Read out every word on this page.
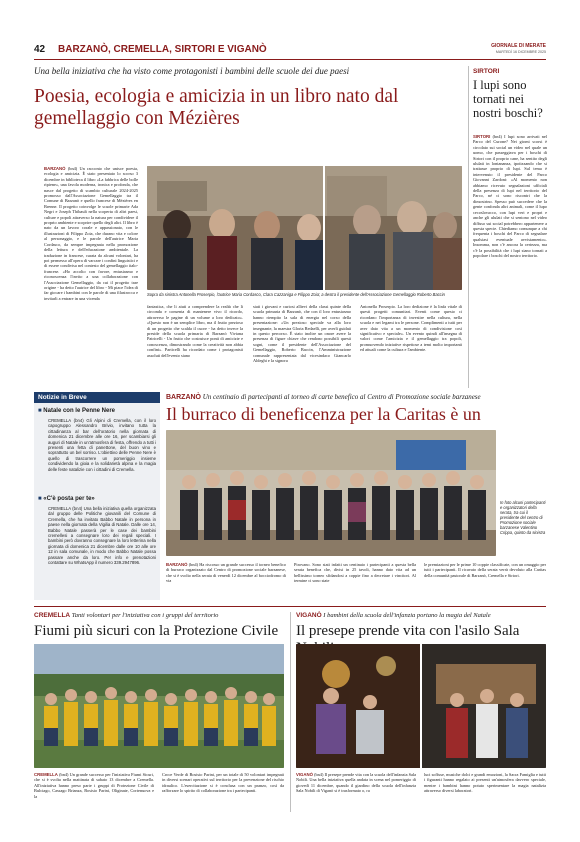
42 BARZANÒ, CREMELLA, SIRTORI E VIGANÒ	GIORNALE DI MERATE
MARTEDÌ 16 DICEMBRE 2025
Una bella iniziativa che ha visto come protagonisti i bambini delle scuole dei due paesi
Poesia, ecologia e amicizia in un libro nato dal gemellaggio con Mézières
BARZANÒ (bn4) Un racconto che unisce poesia, ecologia e amicizia. È stato presentato lo scorso 3 dicembre in biblioteca il libro «La fabbrica delle bolle ripiene», una favola moderna, ironica e profonda, che nasce dal progetto di scambio culturale 2024-2025 promosso dall'Associazione Gemellaggio tra il Comune di Barzanò e quello francese di Mézières en Brenne. Il progetto coinvolge le scuole primarie Ada Negri e Joseph Thibault nella scoperta di altri paesi, culture e popoli attraverso la natura per condividere il proprio ambiente e scoprire quello degli altri. Il libro è nato da un lavoro corale e appassionato, con le illustrazioni di Filippo Zoia, che durano vita e colore al personaggio, e le parole dell'autrice Maria Cordasco, da sempre impegnata nella promozione della lettura e dell'educazione ambientale. La traduzione in francese, curata da alcuni volontari, ha poi permesso all'opera di varcare i confini linguistici e di essere condivisa nel contesto del gemellaggio italo-francese. «Ho accolto con favore, entusiasmo e riconoscenza l'invito a una collaborazione con l'Associazione Gemellaggio, da cui il progetto trae origine - ha detto l'autrice del libro - Mi piace l'idea di far giocare i bambini con le parole di una filastrocca e invitarli a entrare in una vicenda
Sopra da sinistra Antonella Proserpio, l'autrice Maria Cordasco, Clara Cazzaniga e Filippo Zoia; a destra il presidente dell'Associazione Gemellaggio Roberto Baccin
fantastica, che li aiuti a comprendere la realtà che li circonda e consenta di mantenere vivo il ricordo, attraverso le pagine di un volume a loro dedicato». «Questo non è un semplice libro, ma il frutto prezioso di un progetto che scalda il cuore - ha detto invece la preside della scuola primaria di Barzanò Viviana Patricelli - Un frutto che costruisce ponti di amicizie e conoscenza, dimostrando come la creatività non abbia confini». Particelli ha ricordato come i protagonisti assoluti dell'evento siano
stati i giovani e curiosi allievi della classi quinte della scuola primaria di Barzanò, che con il loro entusiasmo hanno riempito la sala di energia nel corso della presentazione: «Un prezioso speciale va alla loro insegnante, la maestra Gloria Redaelli, per averli guidati in questo percorso. È stato inoltre un onore avere la presenza di figure chiave che rendono possibili questi sogni, come il presidente dell'Associazione del Gemellaggio, Roberto Baccin, l'Amministrazione comunale rappresentata dal vicesindaco Giancarlo Aldeghi e la signora
Antonella Proserpio. La loro dedizione è la linfa vitale di questi progetti comunitari. Eventi come questo ci ricordano l'importanza di investire nella cultura, nella scuola e nei legami tra le persone. Complimenti a tutti per aver dato vita a un momento di condivisione così significativo e speciale». Un evento quindi all'insegna di valori come l'amicizia e il gemellaggio tra popoli, promuovendo iniziative rispettose a temi molto importanti ed attuali come la cultura e l'ambiente.
SIRTORI
I lupi sono tornati nei nostri boschi?
SIRTORI (bn4) I lupi sono arrivati nel Parco del Curone? Nei giorni scorsi è circolato sui social un video nel quale un uomo, che passeggiava per i boschi di Sirtori con il proprio cane, ha sentito degli ululati in lontananza, ipotizzando che si trattasse proprio di lupi. Sul tema è intervenuto il presidente del Parco Giovanni Zardoni: «Al momento non abbiamo ricevuto segnalazioni ufficiali della presenza di lupi nel territorio del Parco, né ci sono riscontri che la dimostrino. Spesso può succedere che la gente confonda altri animali, come il lupo cecoslovacco, con lupi veri e propri e anche gli ululati che si sentono nel video diffuso sui social potrebbero appartenere a questa specie. Chiediamo comunque a chi frequenta i boschi del Parco di segnalare qualsiasi eventuale avvistamento». Insomma, non c'è ancora la certezza, ma c'è la possibilità che i lupi siano tornati a popolare i boschi del nostro territorio.
Notizie in Breve
■ Natale con le Penne Nere
CREMELLA (bn4) Gli Alpini di Cremella, con il loro capogruppo Alessandro Brivio, invitano tutta la cittadinanza al bar dell'oratorio nella giornata di domenica 21 dicembre alle ore 16, per scambiarsi gli auguri di Natale in un'atmosfera di festa, offrendo a tutti i presenti una fetta di panettone, del buon vino e soprattutto un bel sorriso. L'obiettivo delle Penne Nere è quello di trascorrere un pomeriggio insieme condividendo la gioia e la solidarietà alpina e la magia delle feste natalizie con i cittadini di Cremella.
■ «C'è posta per te»
CREMELLA (bn4) Una bella iniziativa quella organizzata dal gruppo delle Politiche giovanili del Comune di Cremella, che ha invitato Babbo Natale in persona in paese nella giornata della Vigilia di Natale. Dalle ore 14, Babbo Natale passerà per le case dei bambini cremellesi a consegnare loro dei regali speciali. I bambini però dovranno consegnare la loro letterina nella giornata di domenica 21 dicembre dalle ore 10 alle ore 12 in sala comunale, in modo che Babbo Natale possa passare anche da loro. Per info e prenotazioni contattare su WhatsApp il numero 339.2947896.
BARZANÒ Un centinaio di partecipanti al torneo di carte benefico al Centro di Promozione sociale barzanese
Il burraco di beneficenza per la Caritas è un
In foto alcuni partecipanti e organizzatori della serata, tra cui il presidente del centro di Promozione sociale barzanese Valentino Crippa, quinto da sinistra
BARZANÒ (bn4) Ha riscosso un grande successo il torneo benefico di burraco organizzato dal Centro di promozione sociale barzanese, che si è svolto nella serata di venerdì 12 dicembre al bocciodromo di via
Pirovano. Sono stati infatti un centinaio i partecipanti a questa bella serata benefica che, divisi in 25 tavoli, hanno dato vita ad un bellissimo torneo sfidandosi a coppie fino a decretare i vincitori. Al termine ci sono state
le premiazioni per le prime 10 coppie classificate, con un omaggio per tutti i partecipanti. Il ricavato della serata verrà devoluto alla Caritas della comunità pastorale di Barzanò, Cremella e Sirtori.
CREMELLA Tanti volontari per l'iniziativa con i gruppi del territorio
Fiumi più sicuri con la Protezione Civile
CREMELLA (bn4) Un grande successo per l'iniziativa Fiumi Sicuri, che si è svolta nella mattinata di sabato 13 dicembre a Cremella. All'iniziativa hanno preso parte i gruppi di Protezione Civile di Bulciago, Cassago Brianza, Bosisio Parini, Oliginate, Cortenuova e la
Croce Verde di Bosisio Parini, per un totale di 50 volontari impegnati in diversi scenari operativi sul territorio per la prevenzione del rischio idraulico. L'esercitazione si è conclusa con un pranzo, così da rafforzare lo spirito di collaborazione tra i partecipanti.
VIGANÒ I bambini della scuola dell'infanzia portano la magia del Natale
Il presepe prende vita con l'asilo Sala
VIGANÒ (bn4) Il presepe prende vita con la scuola dell'infanzia Sala Nobili. Una bella iniziativa quella andata in scena nel pomeriggio di giovedì 11 dicembre, quando il giardino della scuola dell'infanzia Sala Nobili di Viganò si è trasformato o, ra
luci soffuse, musiche dolci e grandi emozioni, la Sacra Famiglia e tutti i figuranti hanno regalato ai presenti un'atmosfera davvero speciale, mentre i bambini hanno potuto sperimentare la magia natalizia attraverso diversi laboratori.
